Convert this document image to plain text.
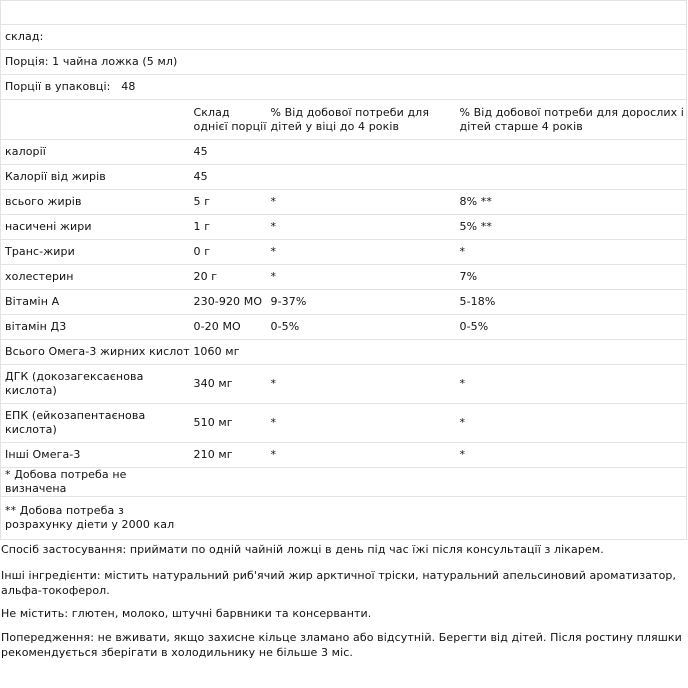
склад:			
Порція: 1 чайна ложка (5 мл)			
Порції в упаковці: 48			
	Склад однієї порції	% Від добової потреби для дітей у віці до 4 років	% Від добової потреби для дорослих і дітей старше 4 років
калорії	45		
Калорії від жирів	45		
всього жирів	5 г	*	8% **
насичені жири	1 г	*	5% **
Транс-жири	0 г	*	*
холестерин	20 г	*	7%
Вітамін А	230-920 МО	9-37%	5-18%
вітамін Д3	0-20 МО	0-5%	0-5%
Всього Омега-3 жирних кислот 1060 мг			
ДГК (докозагексаєнова кислота)	340 мг	*	*
ЕПК (ейкозапентаєнова кислота)	510 мг	*	*
Інші Омега-3	210 мг	*	*
* Добова потреба не визначена			
** Добова потреба з розрахунку діети у 2000 кал			
Спосіб застосування: приймати по одній чайній ложці в день під час їжі після консультації з лікарем.
Інші інгредієнти: містить натуральний риб'ячий жир арктичної тріски, натуральний апельсиновий ароматизатор, альфа-токоферол.
Не містить: глютен, молоко, штучні барвники та консерванти.
Попередження: не вживати, якщо захисне кільце зламано або відсутній. Берегти від дітей. Після ростину пляшки рекомендується зберігати в холодильнику не більше 3 міс.
